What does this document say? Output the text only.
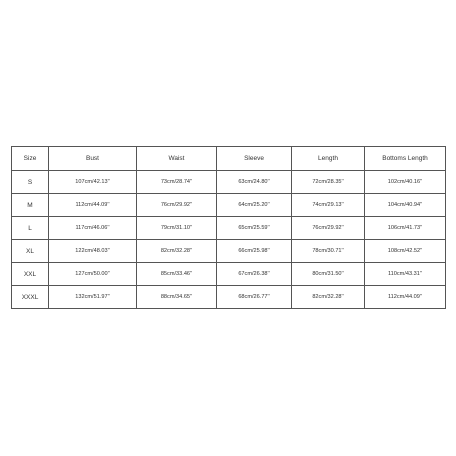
Size	Bust	Waist	Sleeve	Length	Bottoms Length
S	107cm/42.13''	73cm/28.74''	63cm/24.80''	72cm/28.35''	102cm/40.16''
M	112cm/44.09''	76cm/29.92''	64cm/25.20''	74cm/29.13''	104cm/40.94''
L	117cm/46.06''	79cm/31.10''	65cm/25.59''	76cm/29.92''	106cm/41.73''
XL	122cm/48.03''	82cm/32.28''	66cm/25.98''	78cm/30.71''	108cm/42.52''
XXL	127cm/50.00''	85cm/33.46''	67cm/26.38''	80cm/31.50''	110cm/43.31''
XXXL	132cm/51.97''	88cm/34.65''	68cm/26.77''	82cm/32.28''	112cm/44.09''
